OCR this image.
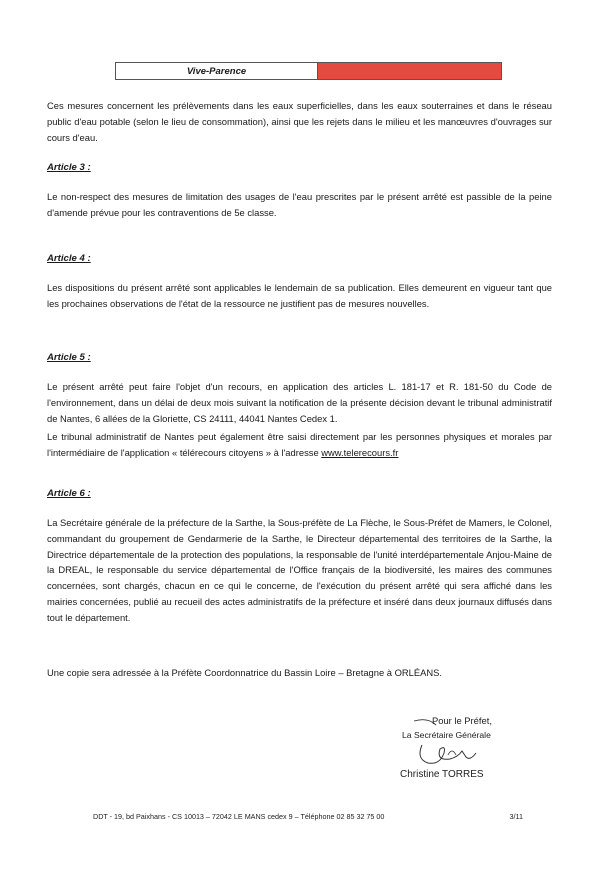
Vive-Parence

Ces mesures concernent les prélèvements dans les eaux superficielles, dans les eaux souterraines et dans le réseau public d'eau potable (selon le lieu de consommation), ainsi que les rejets dans le milieu et les manœuvres d'ouvrages sur cours d'eau.

Article 3 :

Le non-respect des mesures de limitation des usages de l'eau prescrites par le présent arrêté est passible de la peine d'amende prévue pour les contraventions de 5e classe.

Article 4 :

Les dispositions du présent arrêté sont applicables le lendemain de sa publication. Elles demeurent en vigueur tant que les prochaines observations de l'état de la ressource ne justifient pas de mesures nouvelles.

Article 5 :

Le présent arrêté peut faire l'objet d'un recours, en application des articles L. 181-17 et R. 181-50 du Code de l'environnement, dans un délai de deux mois suivant la notification de la présente décision devant le tribunal administratif de Nantes, 6 allées de la Gloriette, CS 24111, 44041 Nantes Cedex 1.

Le tribunal administratif de Nantes peut également être saisi directement par les personnes physiques et morales par l'intermédiaire de l'application « télérecours citoyens » à l'adresse www.telerecours.fr

Article 6 :

La Secrétaire générale de la préfecture de la Sarthe, la Sous-préfète de La Flèche, le Sous-Préfet de Mamers, le Colonel, commandant du groupement de Gendarmerie de la Sarthe, le Directeur départemental des territoires de la Sarthe, la Directrice départementale de la protection des populations, la responsable de l'unité interdépartementale Anjou-Maine de la DREAL, le responsable du service départemental de l'Office français de la biodiversité, les maires des communes concernées, sont chargés, chacun en ce qui le concerne, de l'exécution du présent arrêté qui sera affiché dans les mairies concernées, publié au recueil des actes administratifs de la préfecture et inséré dans deux journaux diffusés dans tout le département.

Une copie sera adressée à la Préfète Coordonnatrice du Bassin Loire – Bretagne à ORLÉANS.

Pour le Préfet,
La Secrétaire Générale
Christine TORRES
DDT - 19, bd Paixhans - CS 10013 – 72042 LE MANS cedex 9 – Téléphone 02 85 32 75 00	3/11
